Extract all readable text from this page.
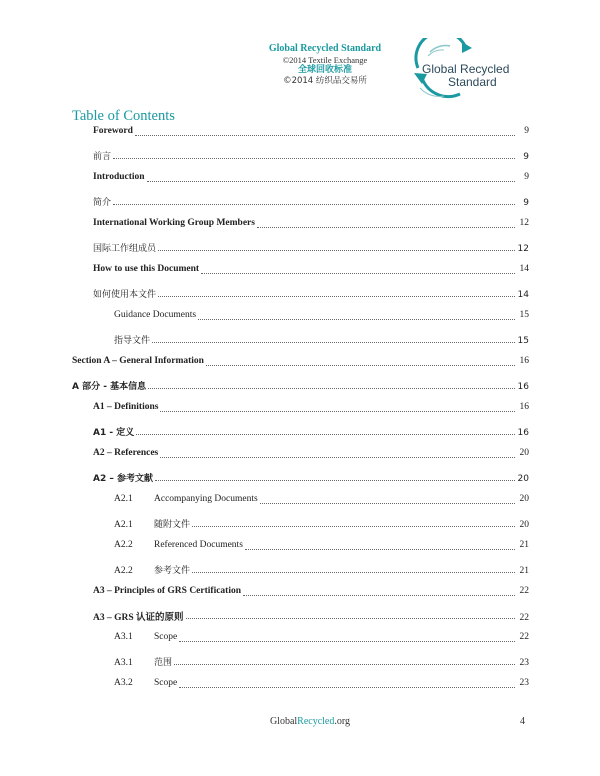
Global Recycled Standard
©2014 Textile Exchange
全球回收标准
©2014 纺织品交易所
Global Recycled
Standard
Table of Contents
Foreword	9
前言	9
Introduction	9
简介	9
International Working Group Members	12
国际工作组成员	12
How to use this Document	14
如何使用本文件	14
Guidance Documents	15
指导文件	15
Section A – General Information	16
A 部分 - 基本信息	16
A1 – Definitions	16
A1 - 定义	16
A2 – References	20
A2 – 参考文献	20
A2.1	Accompanying Documents	20
A2.1	随附文件	20
A2.2	Referenced Documents	21
A2.2	参考文件	21
A3 – Principles of GRS Certification	22
A3 – GRS 认证的原则	22
A3.1	Scope	22
A3.1	范围	23
A3.2	Scope	23
GlobalRecycled.org	4
